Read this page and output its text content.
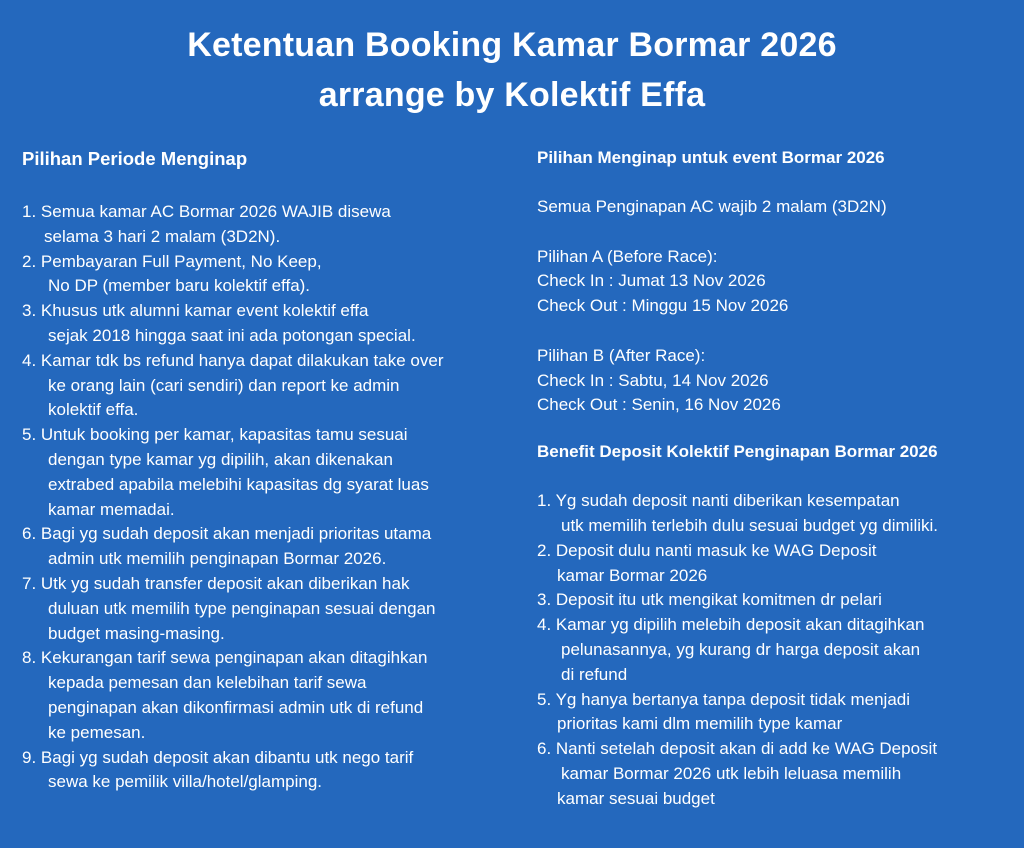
Ketentuan Booking Kamar Bormar 2026
arrange by Kolektif Effa
Pilihan Periode Menginap
1. Semua kamar AC Bormar 2026 WAJIB disewa
selama 3 hari 2 malam (3D2N).
2. Pembayaran Full Payment, No Keep,
No DP (member baru kolektif effa).
3. Khusus utk alumni kamar event kolektif effa
sejak 2018 hingga saat ini ada potongan special.
4. Kamar tdk bs refund hanya dapat dilakukan take over
ke orang lain (cari sendiri) dan report ke admin
kolektif effa.
5. Untuk booking per kamar, kapasitas tamu sesuai
dengan type kamar yg dipilih, akan dikenakan
extrabed apabila melebihi kapasitas dg syarat luas
kamar memadai.
6. Bagi yg sudah deposit akan menjadi prioritas utama
admin utk memilih penginapan Bormar 2026.
7. Utk yg sudah transfer deposit akan diberikan hak
duluan utk memilih type penginapan sesuai dengan
budget masing-masing.
8. Kekurangan tarif sewa penginapan akan ditagihkan
kepada pemesan dan kelebihan tarif sewa
penginapan akan dikonfirmasi admin utk di refund
ke pemesan.
9. Bagi yg sudah deposit akan dibantu utk nego tarif
sewa ke pemilik villa/hotel/glamping.
Pilihan Menginap untuk event Bormar 2026

Semua Penginapan AC wajib 2 malam (3D2N)

Pilihan A (Before Race):

Check In : Jumat 13 Nov 2026

Check Out : Minggu 15 Nov 2026

Pilihan B (After Race):

Check In : Sabtu, 14 Nov 2026

Check Out : Senin, 16 Nov 2026

Benefit Deposit Kolektif Penginapan Bormar 2026
1. Yg sudah deposit nanti diberikan kesempatan
utk memilih terlebih dulu sesuai budget yg dimiliki.
2. Deposit dulu nanti masuk ke WAG Deposit
kamar Bormar 2026
3. Deposit itu utk mengikat komitmen dr pelari
4. Kamar yg dipilih melebih deposit akan ditagihkan
pelunasannya, yg kurang dr harga deposit akan
di refund
5. Yg hanya bertanya tanpa deposit tidak menjadi
prioritas kami dlm memilih type kamar
6. Nanti setelah deposit akan di add ke WAG Deposit
kamar Bormar 2026 utk lebih leluasa memilih
kamar sesuai budget
